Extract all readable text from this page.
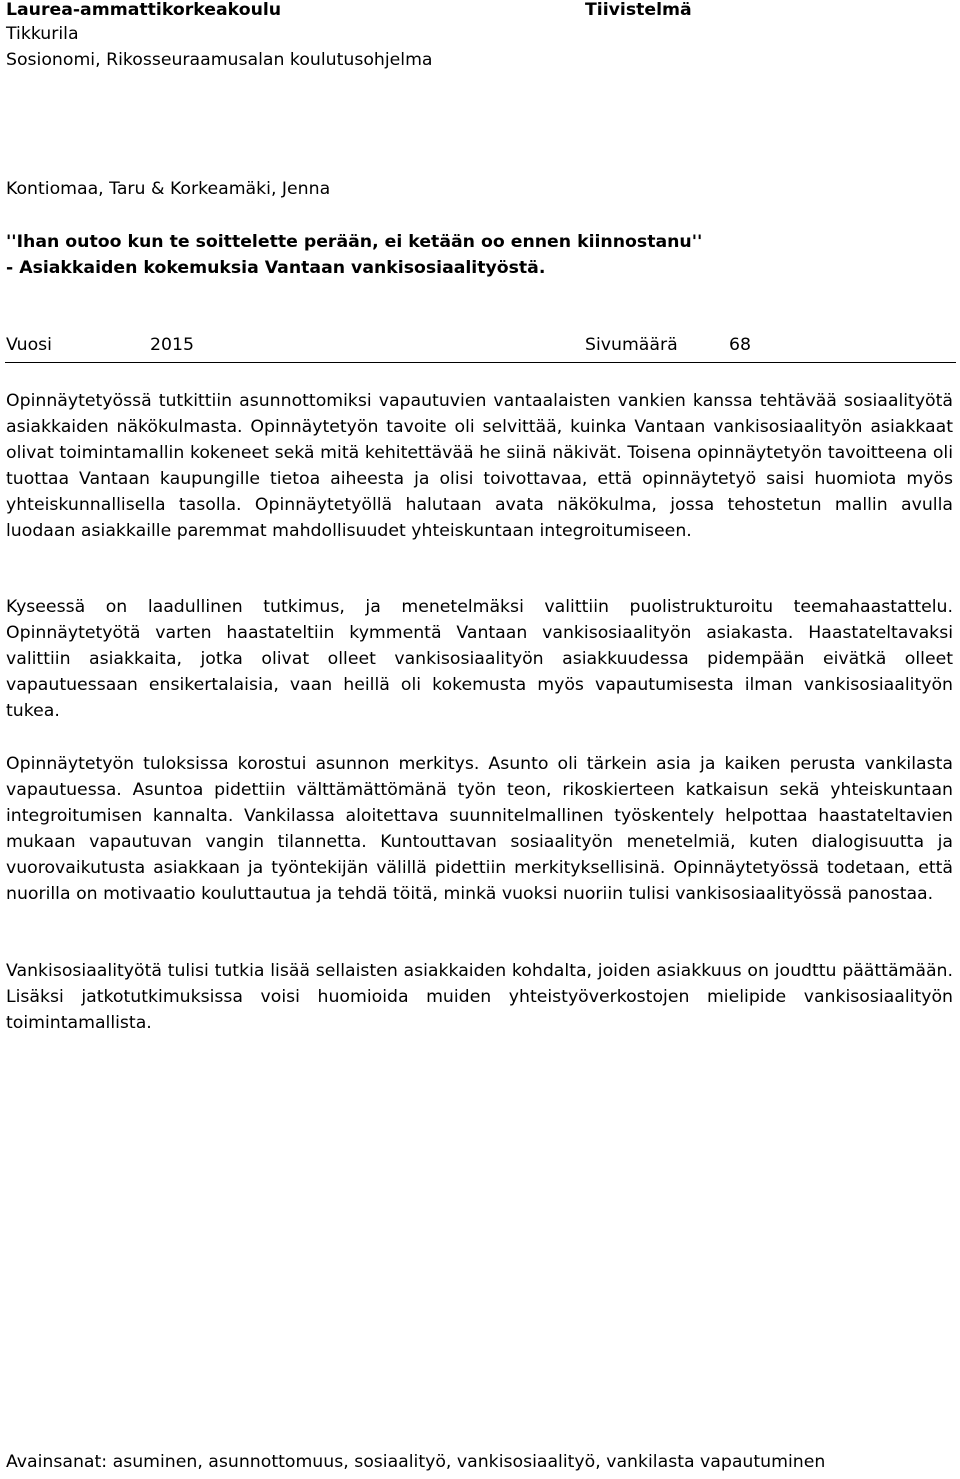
Laurea-ammattikorkeakoulu	Tiivistelmä
Tikkurila
Sosionomi, Rikosseuraamusalan koulutusohjelma
Kontiomaa, Taru & Korkeamäki, Jenna
''Ihan outoo kun te soittelette perään, ei ketään oo ennen kiinnostanu''
- Asiakkaiden kokemuksia Vantaan vankisosiaalityöstä.
Vuosi	2015	Sivumäärä	68
Opinnäytetyössä tutkittiin asunnottomiksi vapautuvien vantaalaisten vankien kanssa tehtävää sosiaalityötä asiakkaiden näkökulmasta. Opinnäytetyön tavoite oli selvittää, kuinka Vantaan vankisosiaalityön asiakkaat olivat toimintamallin kokeneet sekä mitä kehitettävää he siinä näkivät. Toisena opinnäytetyön tavoitteena oli tuottaa Vantaan kaupungille tietoa aiheesta ja olisi toivottavaa, että opinnäytetyö saisi huomiota myös yhteiskunnallisella tasolla. Opinnäytetyöllä halutaan avata näkökulma, jossa tehostetun mallin avulla luodaan asiakkaille paremmat mahdollisuudet yhteiskuntaan integroitumiseen.
Kyseessä on laadullinen tutkimus, ja menetelmäksi valittiin puolistrukturoitu teemahaastattelu. Opinnäytetyötä varten haastateltiin kymmentä Vantaan vankisosiaalityön asiakasta. Haastateltavaksi valittiin asiakkaita, jotka olivat olleet vankisosiaalityön asiakkuudessa pidempään eivätkä olleet vapautuessaan ensikertalaisia, vaan heillä oli kokemusta myös vapautumisesta ilman vankisosiaalityön tukea.
Opinnäytetyön tuloksissa korostui asunnon merkitys. Asunto oli tärkein asia ja kaiken perusta vankilasta vapautuessa. Asuntoa pidettiin välttämättömänä työn teon, rikoskierteen katkaisun sekä yhteiskuntaan integroitumisen kannalta. Vankilassa aloitettava suunnitelmallinen työskentely helpottaa haastateltavien mukaan vapautuvan vangin tilannetta. Kuntouttavan sosiaalityön menetelmiä, kuten dialogisuutta ja vuorovaikutusta asiakkaan ja työntekijän välillä pidettiin merkityksellisinä. Opinnäytetyössä todetaan, että nuorilla on motivaatio kouluttautua ja tehdä töitä, minkä vuoksi nuoriin tulisi vankisosiaalityössä panostaa.
Vankisosiaalityötä tulisi tutkia lisää sellaisten asiakkaiden kohdalta, joiden asiakkuus on joudttu päättämään. Lisäksi jatkotutkimuksissa voisi huomioida muiden yhteistyöverkostojen mielipide vankisosiaalityön toimintamallista.
Avainsanat: asuminen, asunnottomuus, sosiaalityö, vankisosiaalityö, vankilasta vapautuminen
